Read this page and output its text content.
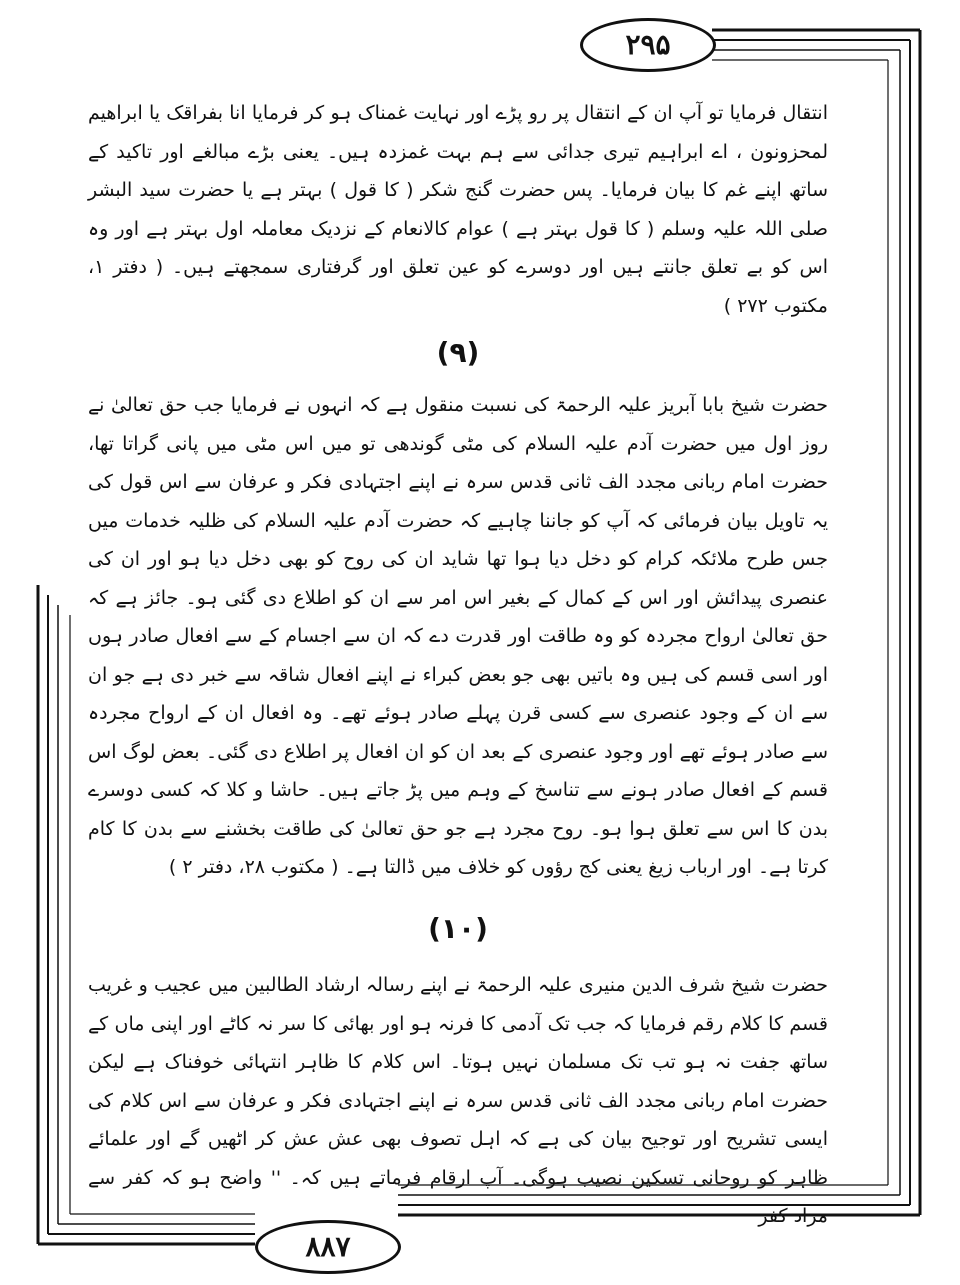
۲۹۵

انتقال فرمایا تو آپ ان کے انتقال پر رو پڑے اور نہایت غمناک ہو کر فرمایا انا بفراقک یا ابراھیم لمحزونون ، اے ابراہیم تیری جدائی سے ہم بہت غمزدہ ہیں۔ یعنی بڑے مبالغے اور تاکید کے ساتھ اپنے غم کا بیان فرمایا۔ پس حضرت گنج شکر ( کا قول ) بہتر ہے یا حضرت سید البشر صلی اللہ علیہ وسلم ( کا قول بہتر ہے ) عوام کالانعام کے نزدیک معاملہ اول بہتر ہے اور وہ اس کو بے تعلق جانتے ہیں اور دوسرے کو عین تعلق اور گرفتاری سمجھتے ہیں۔ ( دفتر ۱، مکتوب ۲۷۲ )

(۹)

حضرت شیخ بابا آبریز علیہ الرحمۃ کی نسبت منقول ہے کہ انہوں نے فرمایا جب حق تعالیٰ نے روز اول میں حضرت آدم علیہ السلام کی مٹی گوندھی تو میں اس مٹی میں پانی گراتا تھا، حضرت امام ربانی مجدد الف ثانی قدس سرہ نے اپنے اجتہادی فکر و عرفان سے اس قول کی یہ تاویل بیان فرمائی کہ آپ کو جاننا چاہیے کہ حضرت آدم علیہ السلام کی ظلیہ خدمات میں جس طرح ملائکہ کرام کو دخل دیا ہوا تھا شاید ان کی روح کو بھی دخل دیا ہو اور ان کی عنصری پیدائش اور اس کے کمال کے بغیر اس امر سے ان کو اطلاع دی گئی ہو۔ جائز ہے کہ حق تعالیٰ ارواح مجردہ کو وہ طاقت اور قدرت دے کہ ان سے اجسام کے سے افعال صادر ہوں اور اسی قسم کی ہیں وہ باتیں بھی جو بعض کبراء نے اپنے افعال شاقہ سے خبر دی ہے جو ان سے ان کے وجود عنصری سے کسی قرن پہلے صادر ہوئے تھے۔ وہ افعال ان کے ارواح مجردہ سے صادر ہوئے تھے اور وجود عنصری کے بعد ان کو ان افعال پر اطلاع دی گئی۔ بعض لوگ اس قسم کے افعال صادر ہونے سے تناسخ کے وہم میں پڑ جاتے ہیں۔ حاشا و کلا کہ کسی دوسرے بدن کا اس سے تعلق ہوا ہو۔ روح مجرد ہے جو حق تعالیٰ کی طاقت بخشنے سے بدن کا کام کرتا ہے۔ اور ارباب زیغ یعنی کج رؤوں کو خلاف میں ڈالتا ہے۔ ( مکتوب ۲۸، دفتر ۲ )

(۱۰)

حضرت شیخ شرف الدین منیری علیہ الرحمۃ نے اپنے رسالہ ارشاد الطالبین میں عجیب و غریب قسم کا کلام رقم فرمایا کہ جب تک آدمی کا فرنہ ہو اور بھائی کا سر نہ کاٹے اور اپنی ماں کے ساتھ جفت نہ ہو تب تک مسلمان نہیں ہوتا۔ اس کلام کا ظاہر انتہائی خوفناک ہے لیکن حضرت امام ربانی مجدد الف ثانی قدس سرہ نے اپنے اجتہادی فکر و عرفان سے اس کلام کی ایسی تشریح اور توجیح بیان کی ہے کہ اہل تصوف بھی عش عش کر اٹھیں گے اور علمائے ظاہر کو روحانی تسکین نصیب ہوگی۔ آپ ارقام فرماتے ہیں کہ۔ '' واضح ہو کہ کفر سے مراد کفر

۸۸۷
